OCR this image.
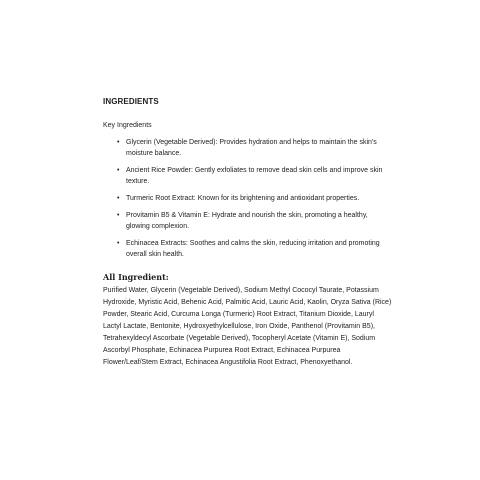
INGREDIENTS
Key Ingredients
• Glycerin (Vegetable Derived): Provides hydration and helps to maintain the skin's moisture balance.
• Ancient Rice Powder: Gently exfoliates to remove dead skin cells and improve skin texture.
• Turmeric Root Extract: Known for its brightening and antioxidant properties.
• Provitamin B5 & Vitamin E: Hydrate and nourish the skin, promoting a healthy, glowing complexion.
• Echinacea Extracts: Soothes and calms the skin, reducing irritation and promoting overall skin health.
All Ingredient:

Purified Water, Glycerin (Vegetable Derived), Sodium Methyl Cococyl Taurate, Potassium Hydroxide, Myristic Acid, Behenic Acid, Palmitic Acid, Lauric Acid, Kaolin, Oryza Sativa (Rice) Powder, Stearic Acid, Curcuma Longa (Turmeric) Root Extract, Titanium Dioxide, Lauryl Lactyl Lactate, Bentonite, Hydroxyethylcellulose, Iron Oxide, Panthenol (Provitamin B5), Tetrahexyldecyl Ascorbate (Vegetable Derived), Tocopheryl Acetate (Vitamin E), Sodium Ascorbyl Phosphate, Echinacea Purpurea Root Extract, Echinacea Purpurea Flower/Leaf/Stem Extract, Echinacea Angustifolia Root Extract, Phenoxyethanol.
